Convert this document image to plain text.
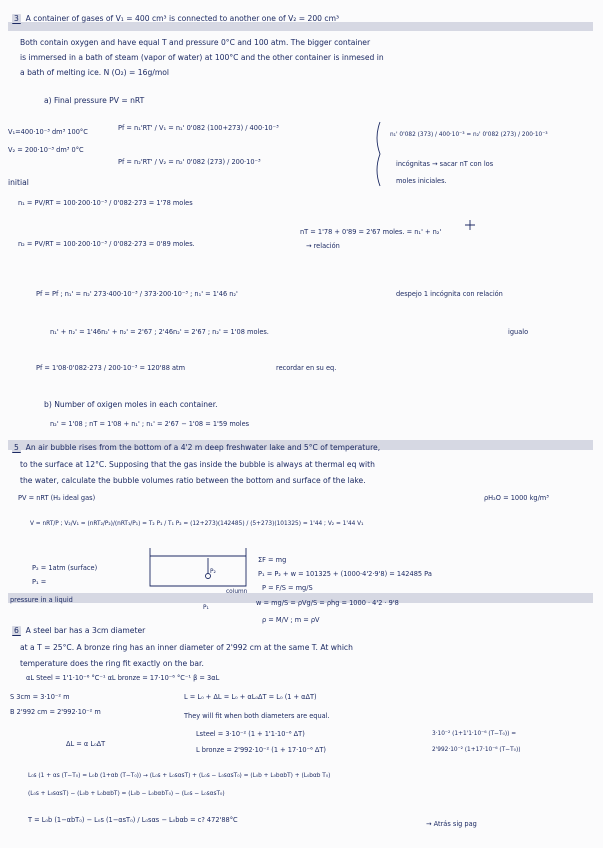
3 A container of gases of V₁ = 400 cm³ is connected to another one of V₂ = 200 cm³
Both contain oxygen and have equal T and pressure 0°C and 100 atm. The bigger container
is immersed in a bath of steam (vapor of water) at 100°C and the other container is inmesed in
a bath of melting ice. N (O₂) = 16g/mol
a) Final pressure PV = nRT
V₁=400·10⁻³ dm³ 100°C
V₂ = 200·10⁻³ dm³ 0°C
Pf = n₁'RT' / V₁ = n₁' 0'082 (100+273) / 400·10⁻³
Pf = n₂'RT' / V₂ = n₂' 0'082 (273) / 200·10⁻³
n₁' 0'082 (373) / 400·10⁻³ = n₂' 0'082 (273) / 200·10⁻³
incógnitas → sacar nT con los
moles iniciales.
initial
n₁ = PV/RT = 100·200·10⁻³ / 0'082·273 = 1'78 moles
n₂ = PV/RT = 100·200·10⁻³ / 0'082·273 = 0'89 moles.
nT = 1'78 + 0'89 = 2'67 moles. = n₁' + n₂'
→ relación
Pf = Pf ; n₁' = n₂' 273·400·10⁻³ / 373·200·10⁻³ ; n₁' = 1'46 n₂'	despejo 1 incógnita con relación
n₁' + n₂' = 1'46n₂' + n₂' = 2'67 ; 2'46n₂' = 2'67 ; n₂' = 1'08 moles.	igualo
Pf = 1'08·0'082·273 / 200·10⁻³ = 120'88 atm	recordar en su eq.
b) Number of oxigen moles in each container.
n₂' = 1'08 ; nT = 1'08 + n₁' ; n₁' = 2'67 − 1'08 = 1'59 moles
5 An air bubble rises from the bottom of a 4'2 m deep freshwater lake and 5°C of temperature,
to the surface at 12°C. Supposing that the gas inside the bubble is always at thermal eq with
the water, calculate the bubble volumes ratio between the bottom and surface of the lake.
PV = nRT (H₂ ideal gas)	ρH₂O = 1000 kg/m³
V = nRT/P ; V₂/V₁ = (nRT₂/P₂)/(nRT₁/P₁) = T₂ P₁ / T₁ P₂ = (12+273)(142485) / (5+273)(101325) = 1'44 ; V₂ = 1'44 V₁
P₂ = 1atm (surface)
P₁ =
pressure in a liquid
P₂
P₁
column
ΣF = mg
P₁ = P₂ + w = 101325 + (1000·4'2·9'8) = 142485 Pa
P = F/S = mg/S
w = mg/S = ρVg/S = ρhg = 1000 · 4'2 · 9'8
ρ = M/V ; m = ρV
6 A steel bar has a 3cm diameter
at a T = 25°C. A bronze ring has an inner diameter of 2'992 cm at the same T. At which
temperature does the ring fit exactly on the bar.
αL Steel = 1'1·10⁻⁶ °C⁻¹ αL bronze = 17·10⁻⁶ °C⁻¹ β = 3αL
S 3cm = 3·10⁻² m	L = L₀ + ΔL = L₀ + αL₀ΔT = L₀ (1 + αΔT)
B 2'992 cm = 2'992·10⁻² m	They will fit when both diameters are equal.
ΔL = α L₀ΔT
Lsteel = 3·10⁻² (1 + 1'1·10⁻⁶ ΔT)
L bronze = 2'992·10⁻² (1 + 17·10⁻⁶ ΔT)
3·10⁻² (1+1'1·10⁻⁶ (T−T₀)) =
2'992·10⁻² (1+17·10⁻⁶ (T−T₀))
L₀s (1 + αs (T−T₀) = L₀b (1+αb (T−T₀)) → (L₀s + L₀sαsT) + (L₀s − L₀sαsT₀) = (L₀b + L₀bαbT) + (L₀bαb T₀)
(L₀s + L₀sαsT) − (L₀b + L₀bαbT) = (L₀b − L₀bαbT₀) − (L₀s − L₀sαsT₀)
T = L₀b (1−αbT₀) − L₀s (1−αsT₀) / L₀sαs − L₀bαb = c? 472'88°C	→ Atrás sig pag
